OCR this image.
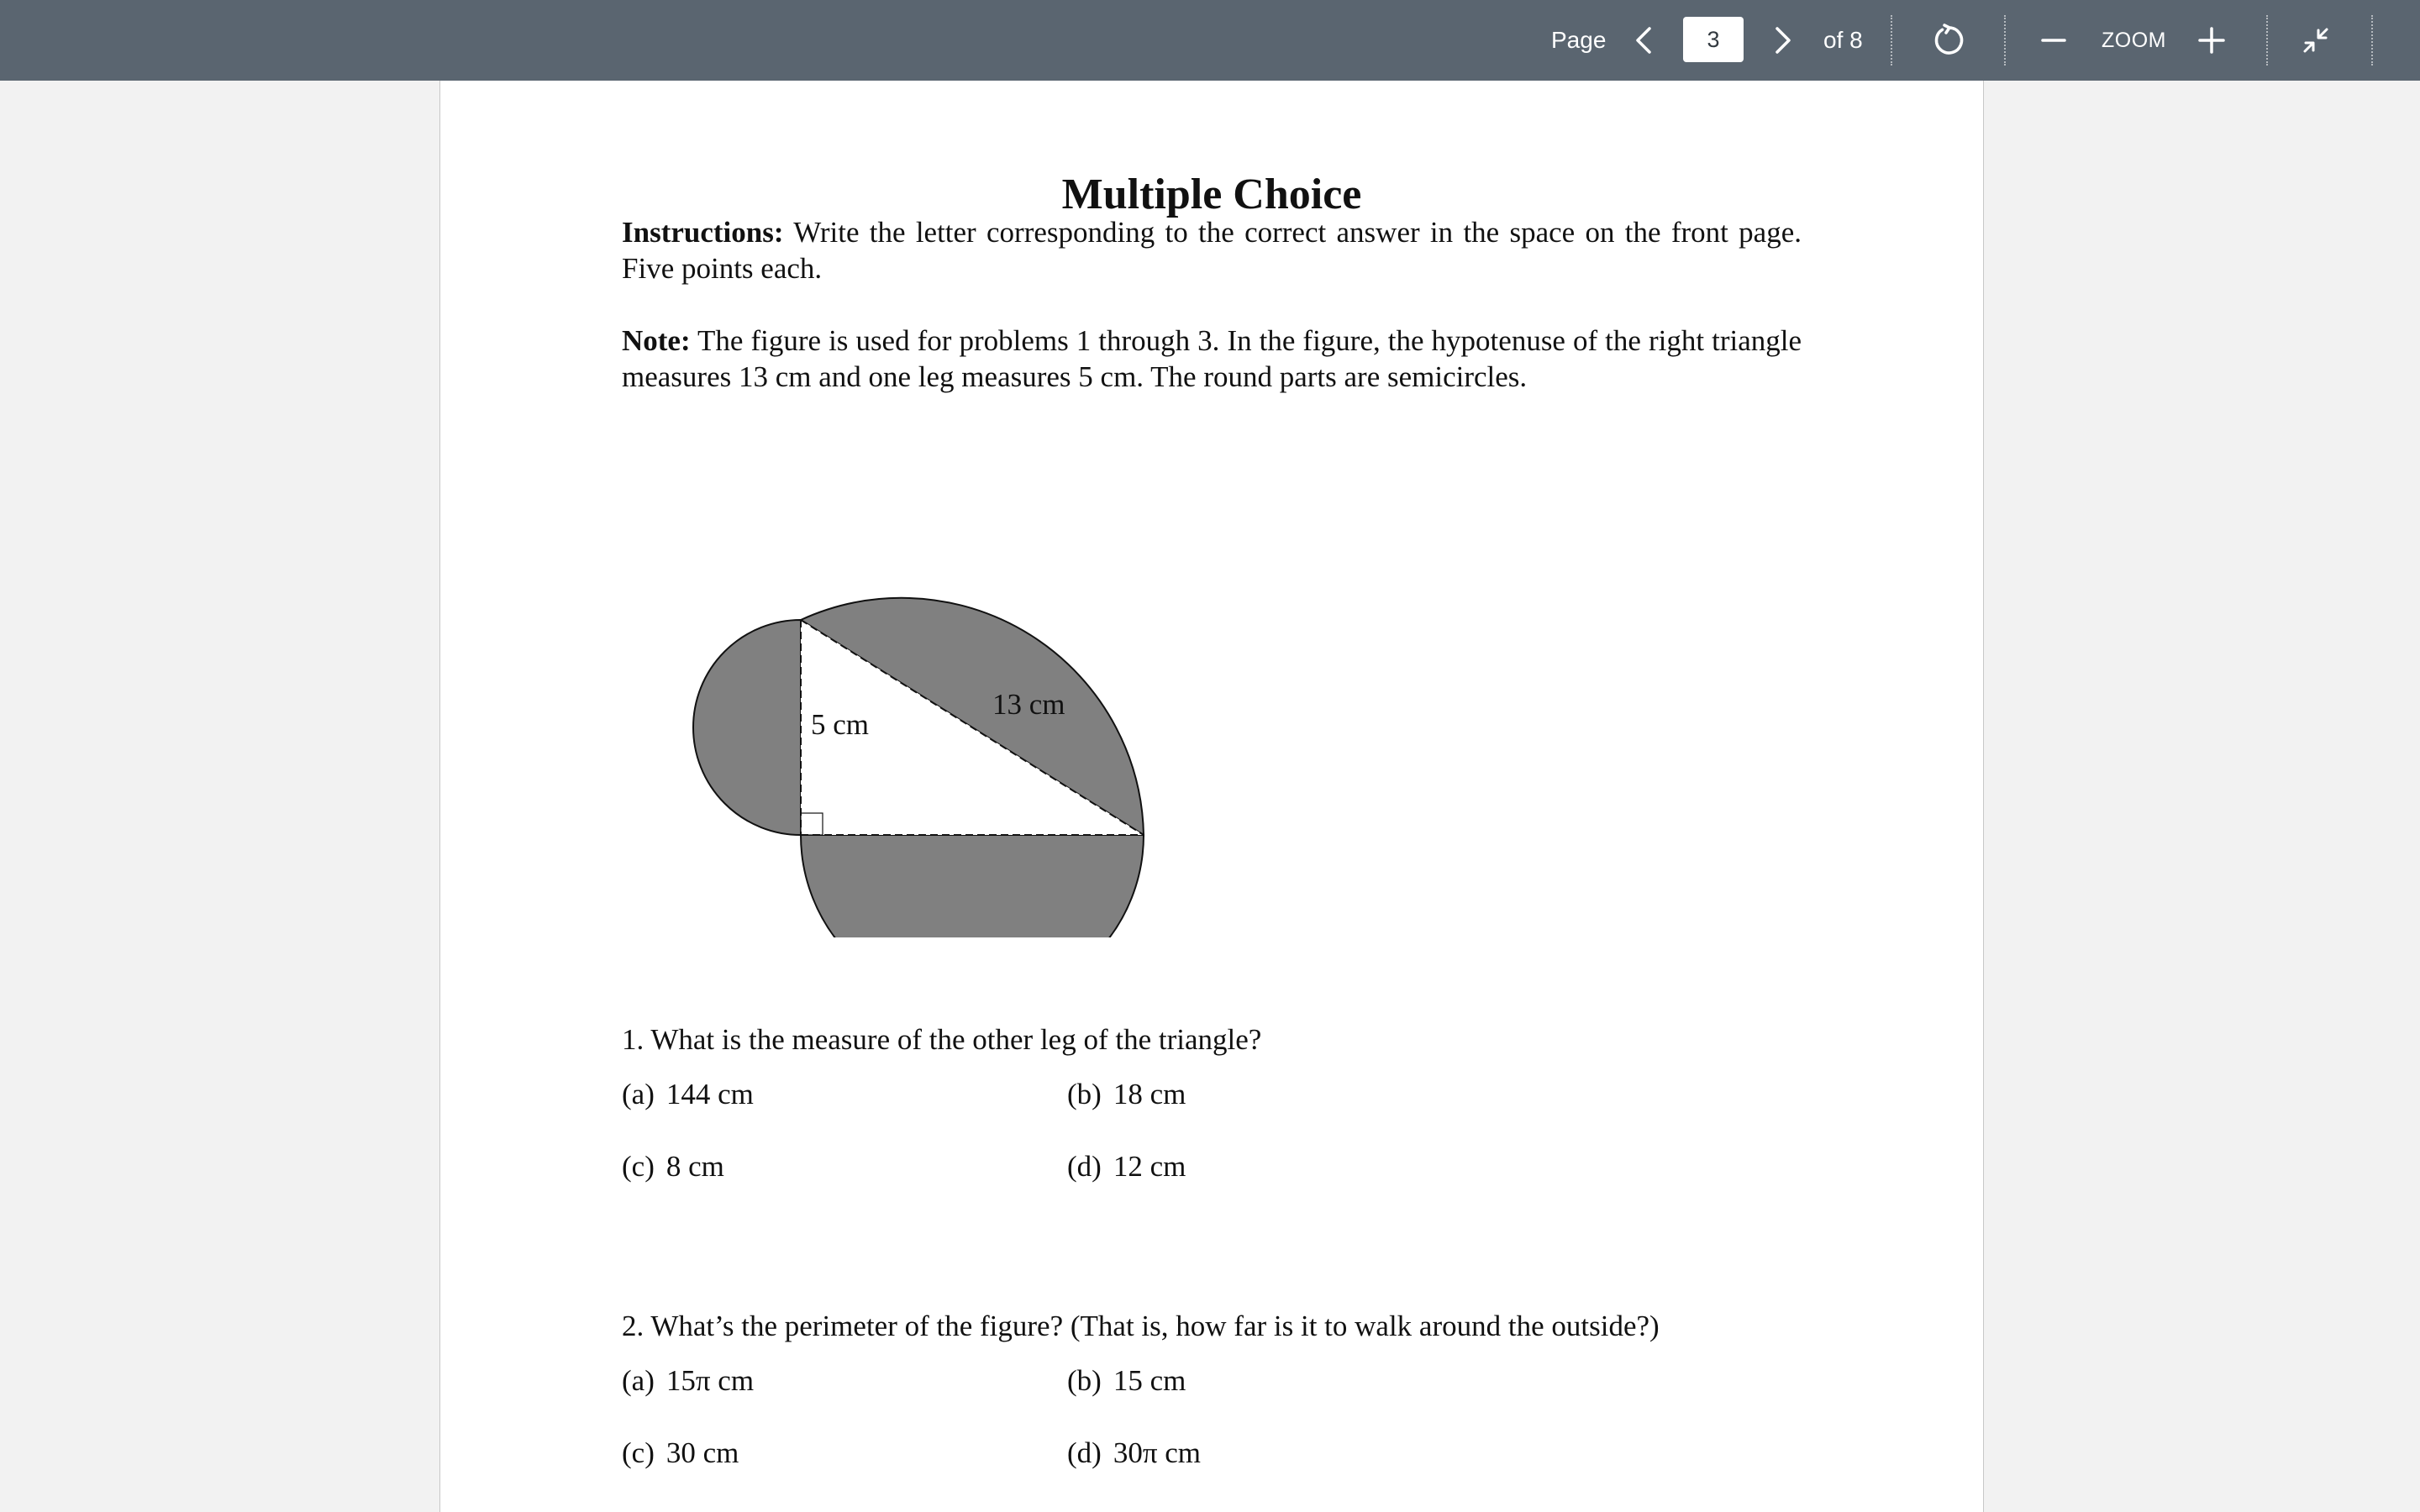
Page
3	of 8	ZOOM
Multiple Choice
Instructions: Write the letter corresponding to the correct answer in the space on the front page. Five points each.
Note: The figure is used for problems 1 through 3. In the figure, the hypotenuse of the right triangle measures 13 cm and one leg measures 5 cm. The round parts are semicircles.
5 cm
13 cm
1. What is the measure of the other leg of the triangle?
(a) 144 cm	(b) 18 cm
(c) 8 cm	(d) 12 cm
2. What’s the perimeter of the figure? (That is, how far is it to walk around the outside?)
(a) 15π cm	(b) 15 cm
(c) 30 cm	(d) 30π cm
